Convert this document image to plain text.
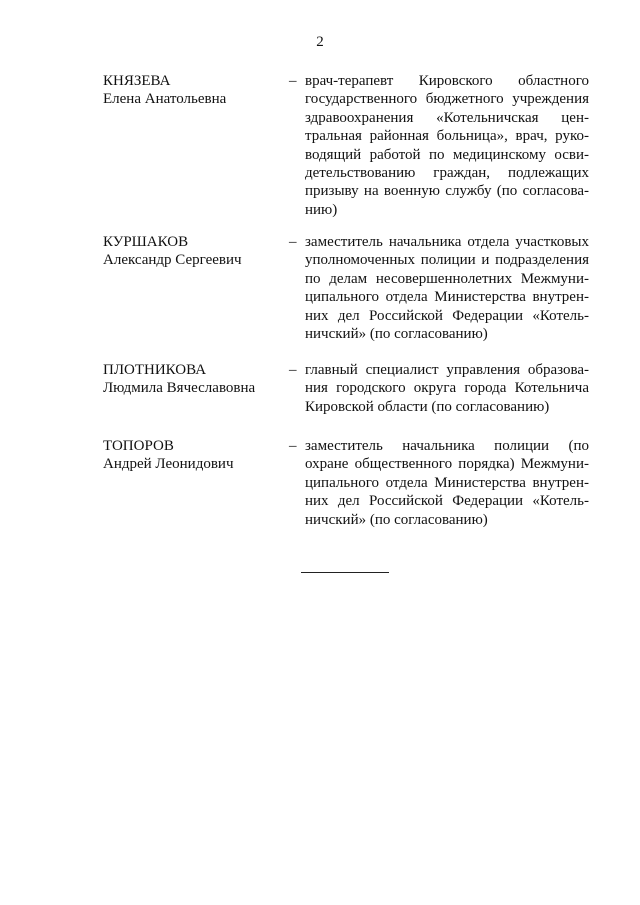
2
КНЯЗЕВА
Елена Анатольевна
– врач-терапевт Кировского областного государственного бюджетного учреждения здравоохранения «Котельничская центральная районная больница», врач, руководящий работой по медицинскому освидетельствованию граждан, подлежащих призыву на военную службу (по согласованию)
КУРШАКОВ
Александр Сергеевич
– заместитель начальника отдела участковых уполномоченных полиции и подразделения по делам несовершеннолетних Межмуниципального отдела Министерства внутренних дел Российской Федерации «Котельничский» (по согласованию)
ПЛОТНИКОВА
Людмила Вячеславовна
– главный специалист управления образования городского округа города Котельнича Кировской области (по согласованию)
ТОПОРОВ
Андрей Леонидович
– заместитель начальника полиции (по охране общественного порядка) Межмуниципального отдела Министерства внутренних дел Российской Федерации «Котельничский» (по согласованию)
